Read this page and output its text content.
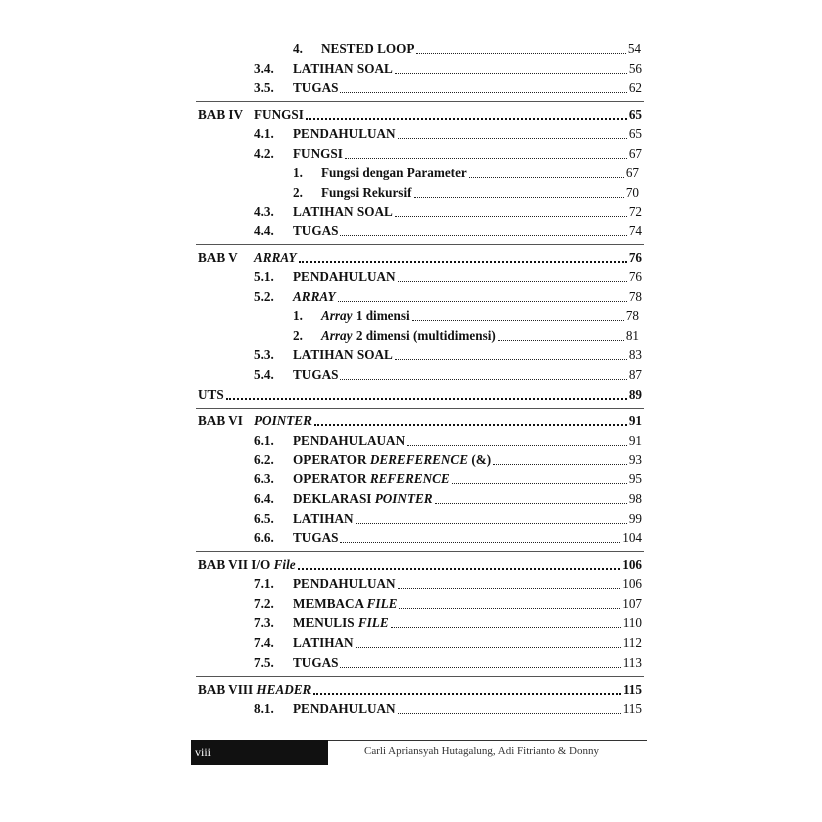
4. NESTED LOOP	54
3.4. LATIHAN SOAL	56
3.5. TUGAS	62
BAB IV FUNGSI	65
4.1. PENDAHULUAN	65
4.2. FUNGSI	67
1. Fungsi dengan Parameter	67
2. Fungsi Rekursif	70
4.3. LATIHAN SOAL	72
4.4. TUGAS	74
BAB V ARRAY	76
5.1. PENDAHULUAN	76
5.2. ARRAY	78
1. Array 1 dimensi	78
2. Array 2 dimensi (multidimensi)	81
5.3. LATIHAN SOAL	83
5.4. TUGAS	87
UTS	89
BAB VI POINTER	91
6.1. PENDAHULAUAN	91
6.2. OPERATOR DEREFERENCE (&)	93
6.3. OPERATOR REFERENCE	95
6.4. DEKLARASI POINTER	98
6.5. LATIHAN	99
6.6. TUGAS	104
BAB VII I/O File	106
7.1. PENDAHULUAN	106
7.2. MEMBACA FILE	107
7.3. MENULIS FILE	110
7.4. LATIHAN	112
7.5. TUGAS	113
BAB VIII HEADER	115
8.1. PENDAHULUAN	115
viii	Carli Apriansyah Hutagalung, Adi Fitrianto & Donny
